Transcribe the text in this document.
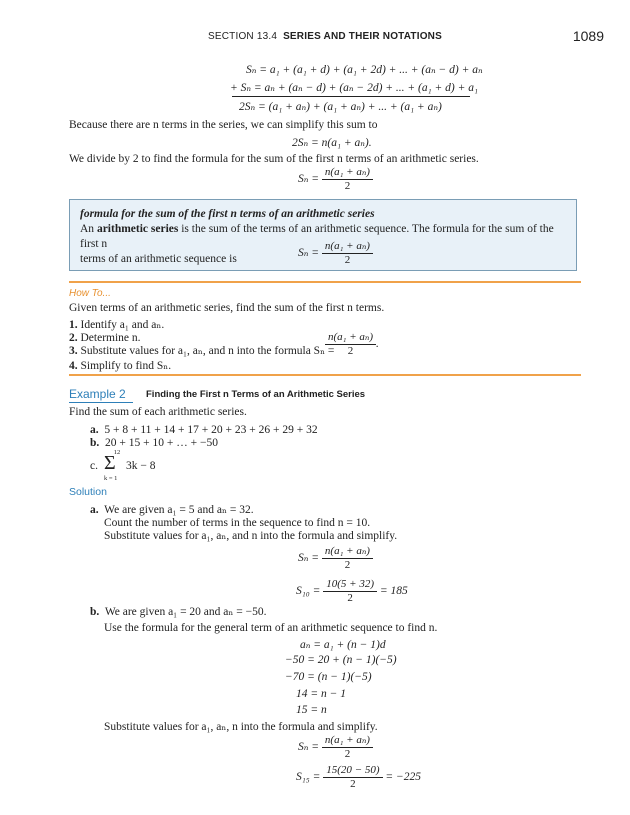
SECTION 13.4 SERIES AND THEIR NOTATIONS	1089
Sₙ = a₁ + (a₁ + d) + (a₁ + 2d) + ... + (aₙ − d) + aₙ
+ Sₙ = aₙ + (aₙ − d) + (aₙ − 2d) + ... + (a₁ + d) + a₁
2Sₙ = (a₁ + aₙ) + (a₁ + aₙ) + ... + (a₁ + aₙ)
Because there are n terms in the series, we can simplify this sum to
2Sₙ = n(a₁ + aₙ).
We divide by 2 to find the formula for the sum of the first n terms of an arithmetic series.
$S_n = \frac{\text{n(a₁ + aₙ)}}{2}$
formula for the sum of the first n terms of an arithmetic series
An arithmetic series is the sum of the terms of an arithmetic sequence. The formula for the sum of the first n
terms of an arithmetic sequence is	$S_n = \frac{\text{n(a₁ + aₙ)}}{2}$
How To...
Given terms of an arithmetic series, find the sum of the first n terms.
1. Identify a₁ and aₙ.
2. Determine n.
3. Substitute values for a₁, aₙ, and n into the formula Sₙ =
$\frac{\text{n(a₁ + aₙ)}}{2}$ .
4. Simplify to find Sₙ.
Example 2 Finding the First n Terms of an Arithmetic Series
Find the sum of each arithmetic series.
a. 5 + 8 + 11 + 14 + 17 + 20 + 23 + 26 + 29 + 32
b. 20 + 15 + 10 + … + −50
c.
12
Σ
k = 1
3k − 8
Solution
a. We are given a₁ = 5 and aₙ = 32.
Count the number of terms in the sequence to find n = 10.
Substitute values for a₁, aₙ, and n into the formula and simplify.
$S_n = \frac{\text{n(a₁ + aₙ)}}{2}$
$S_{10} = \frac{10(5 + 32)}{2} = 185$
b. We are given a₁ = 20 and aₙ = −50.
Use the formula for the general term of an arithmetic sequence to find n.
aₙ = a₁ + (n − 1)d
−50 = 20 + (n − 1)(−5)
−70 = (n − 1)(−5)
14 = n − 1
15 = n
Substitute values for a₁, aₙ, n into the formula and simplify.
$S_n = \frac{\text{n(a₁ + aₙ)}}{2}$
$S_{15} = \frac{15(20 - 50)}{2} = -225$
